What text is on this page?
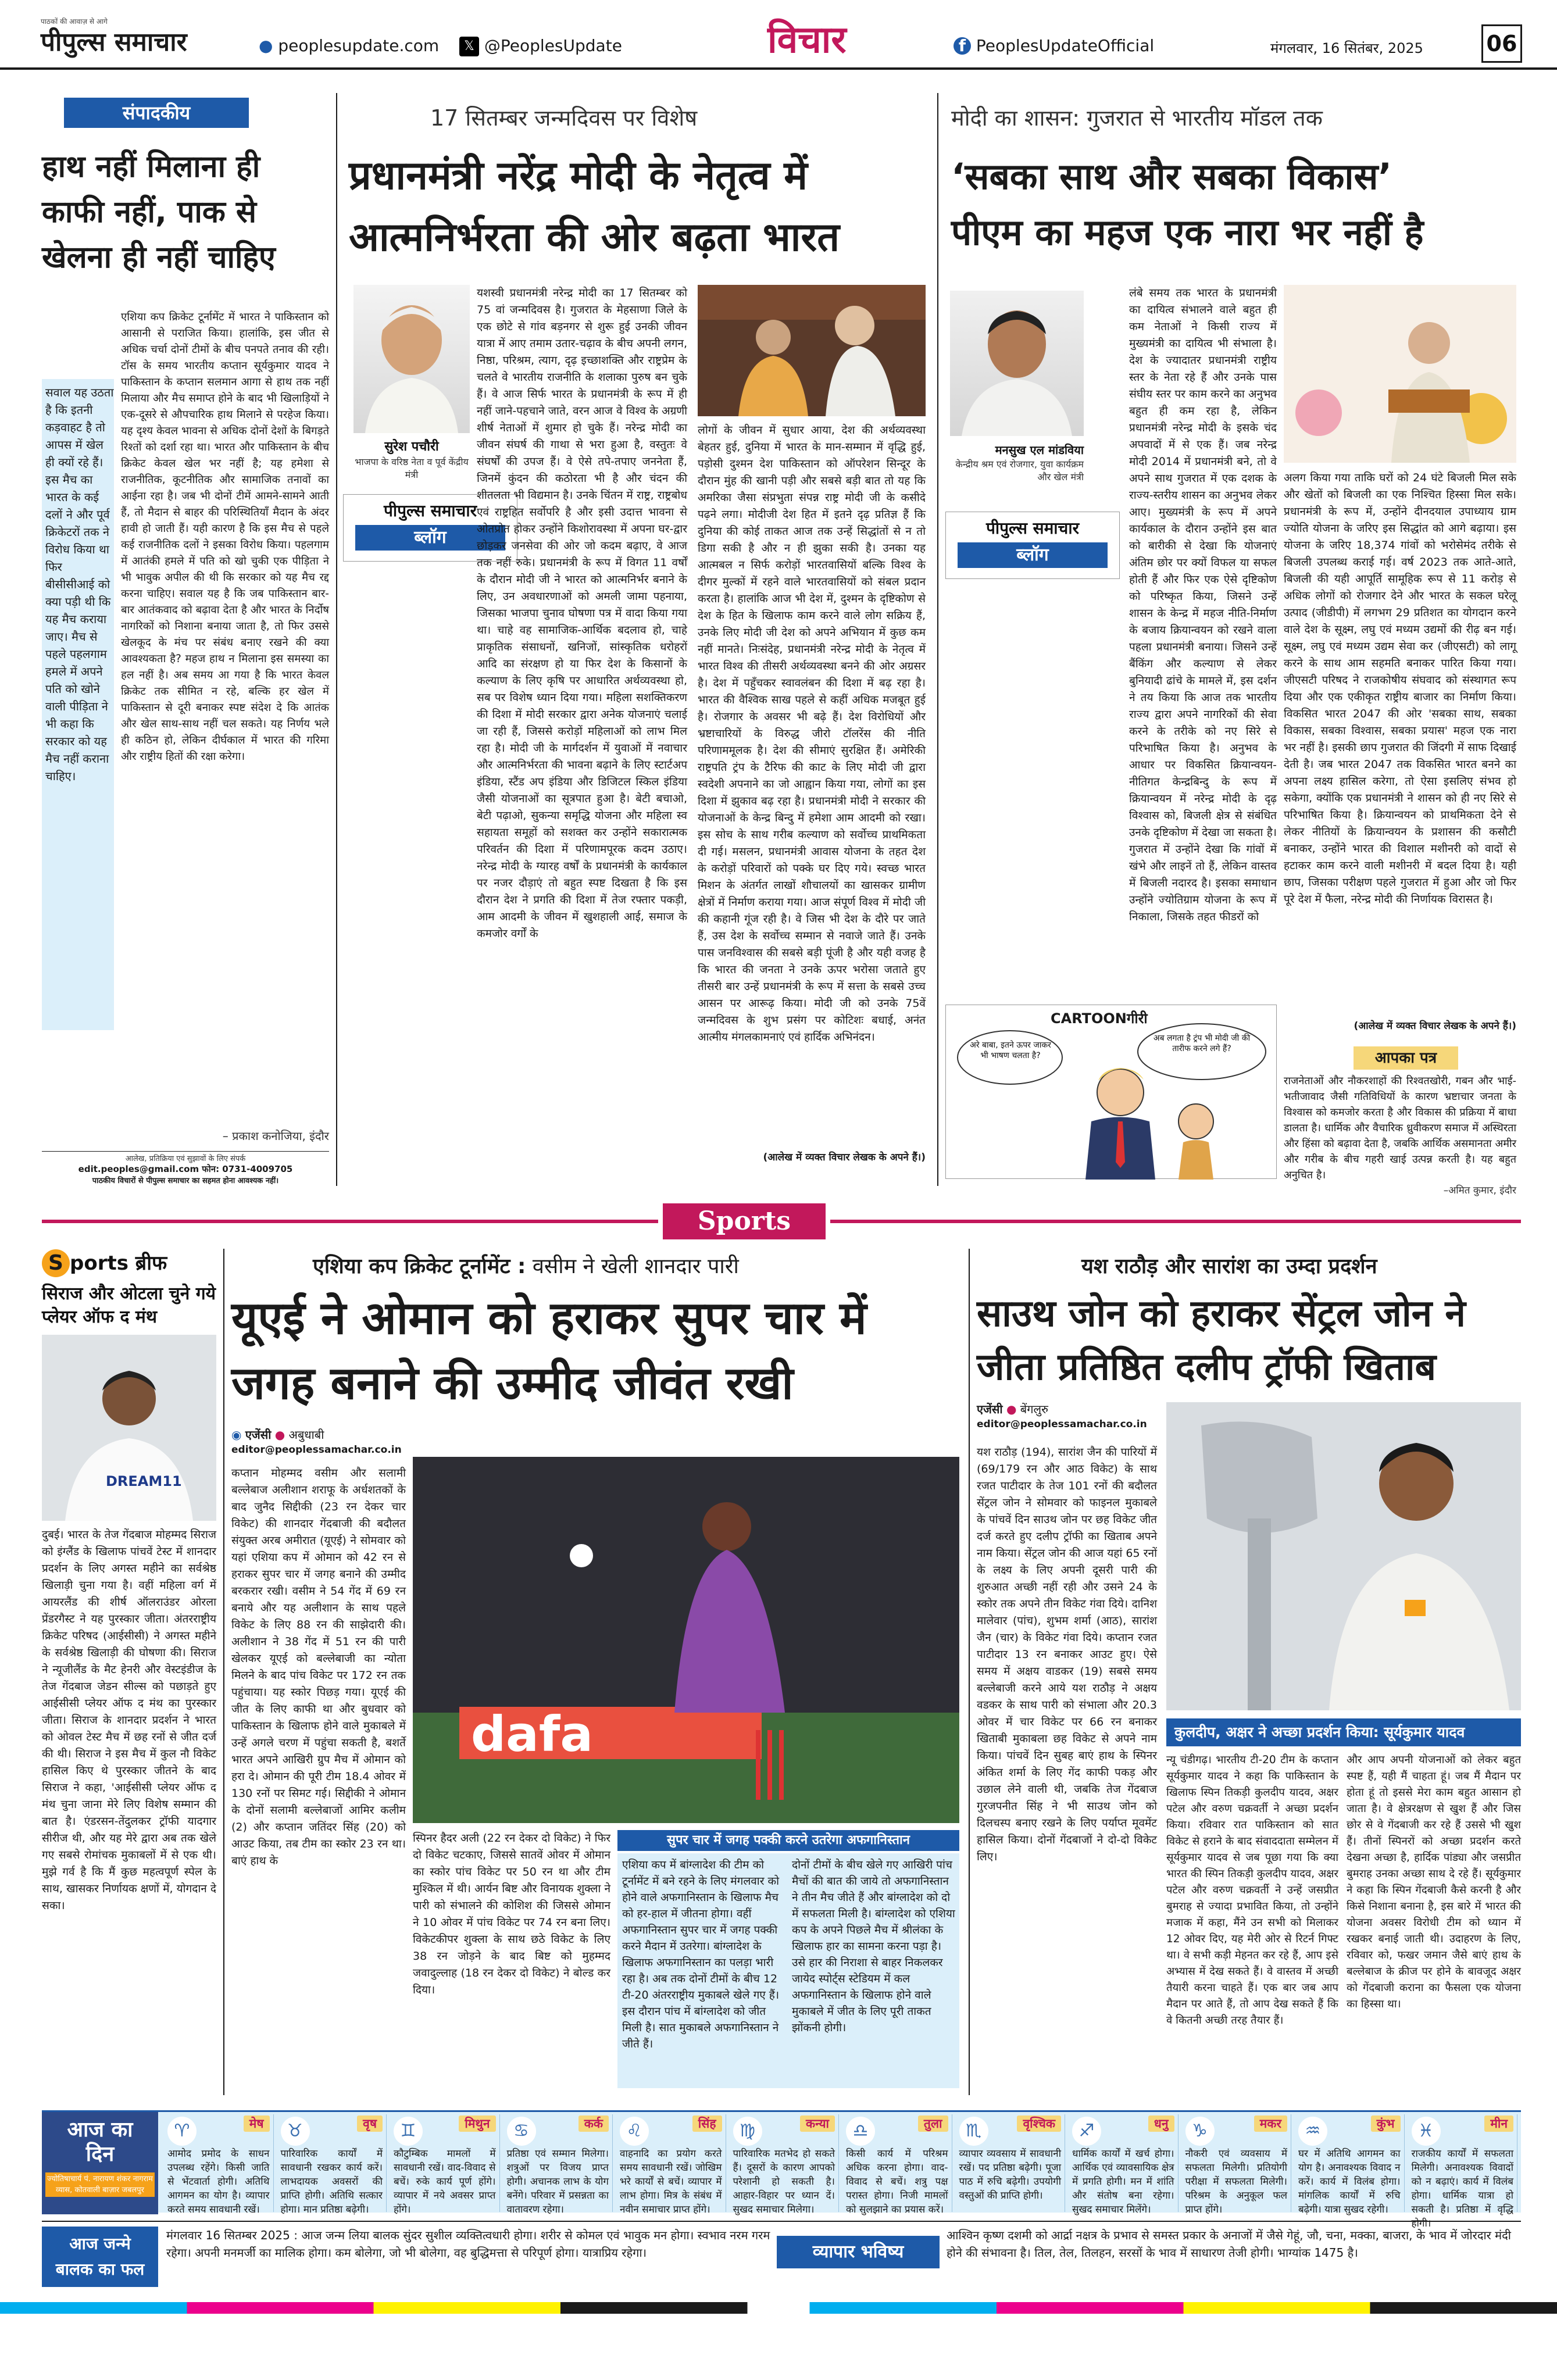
पीपुल्स समाचार
पाठकों की आवाज़ से आगे
● peoplesupdate.com	𝕏 @PeoplesUpdate	विचार	f PeoplesUpdateOfficial	मंगलवार, 16 सितंबर, 2025	06
संपादकीय
हाथ नहीं मिलाना ही काफी नहीं, पाक से खेलना ही नहीं चाहिए
एशिया कप क्रिकेट टूर्नामेंट में भारत ने पाकिस्तान को आसानी से पराजित किया। हालांकि, इस जीत से अधिक चर्चा दोनों टीमों के बीच पनपते तनाव की रही। टॉस के समय भारतीय कप्तान सूर्यकुमार यादव ने पाकिस्तान के कप्तान सलमान आगा से हाथ तक नहीं मिलाया और मैच समाप्त होने के बाद भी खिलाड़ियों ने एक-दूसरे से औपचारिक हाथ मिलाने से परहेज किया। यह दृश्य केवल भावना से अधिक दोनों देशों के बिगड़ते रिश्तों को दर्शा रहा था। भारत और पाकिस्तान के बीच क्रिकेट केवल खेल भर नहीं है; यह हमेशा से राजनीतिक, कूटनीतिक और सामाजिक तनावों का आईना रहा है। जब भी दोनों टीमें आमने-सामने आती हैं, तो मैदान से बाहर की परिस्थितियाँ मैदान के अंदर हावी हो जाती हैं। यही कारण है कि इस मैच से पहले कई राजनीतिक दलों ने इसका विरोध किया। पहलगाम में आतंकी हमले में पति को खो चुकी एक पीड़िता ने भी भावुक अपील की थी कि सरकार को यह मैच रद्द करना चाहिए। सवाल यह है कि जब पाकिस्तान बार-बार आतंकवाद को बढ़ावा देता है और भारत के निर्दोष नागरिकों को निशाना बनाया जाता है, तो फिर उससे खेलकूद के मंच पर संबंध बनाए रखने की क्या आवश्यकता है? महज हाथ न मिलाना इस समस्या का हल नहीं है। अब समय आ गया है कि भारत केवल क्रिकेट तक सीमित न रहे, बल्कि हर खेल में पाकिस्तान से दूरी बनाकर स्पष्ट संदेश दे कि आतंक और खेल साथ-साथ नहीं चल सकते। यह निर्णय भले ही कठिन हो, लेकिन दीर्घकाल में भारत की गरिमा और राष्ट्रीय हितों की रक्षा करेगा।
सवाल यह उठता है कि इतनी कड़वाहट है तो आपस में खेल ही क्यों रहे हैं। इस मैच का भारत के कई दलों ने और पूर्व क्रिकेटरों तक ने विरोध किया था फिर बीसीसीआई को क्या पड़ी थी कि यह मैच कराया जाए। मैच से पहले पहलगाम हमले में अपने पति को खोने वाली पीड़िता ने भी कहा कि सरकार को यह मैच नहीं कराना चाहिए।
– प्रकाश कनोजिया, इंदौर
आलेख, प्रतिक्रिया एवं सुझावों के लिए संपर्क
edit.peoples@gmail.com फोन: 0731-4009705
पाठकीय विचारों से पीपुल्स समाचार का सहमत होना आवश्यक नहीं।
17 सितम्बर जन्मदिवस पर विशेष
प्रधानमंत्री नरेंद्र मोदी के नेतृत्व में आत्मनिर्भरता की ओर बढ़ता भारत
सुरेश पचौरी
भाजपा के वरिष्ठ नेता व पूर्व केंद्रीय मंत्री
पीपुल्स समाचार
ब्लॉग
यशस्वी प्रधानमंत्री नरेन्द्र मोदी का 17 सितम्बर को 75 वां जन्मदिवस है। गुजरात के मेहसाणा जिले के एक छोटे से गांव बड़नगर से शुरू हुई उनकी जीवन यात्रा में आए तमाम उतार-चढ़ाव के बीच अपनी लगन, निष्ठा, परिश्रम, त्याग, दृढ़ इच्छाशक्ति और राष्ट्रप्रेम के चलते वे भारतीय राजनीति के शलाका पुरुष बन चुके हैं। वे आज सिर्फ भारत के प्रधानमंत्री के रूप में ही नहीं जाने-पहचाने जाते, वरन आज वे विश्व के अग्रणी शीर्ष नेताओं में शुमार हो चुके हैं। नरेन्द्र मोदी का जीवन संघर्ष की गाथा से भरा हुआ है, वस्तुतः वे संघर्षों की उपज हैं। वे ऐसे तपे-तपाए जननेता हैं, जिनमें कुंदन की कठोरता भी है और चंदन की शीतलता भी विद्यमान है। उनके चिंतन में राष्ट्र, राष्ट्रबोध एवं राष्ट्रहित सर्वोपरि है और इसी उदात्त भावना से ओतप्रोत होकर उन्होंने किशोरावस्था में अपना घर-द्वार छोड़कर जनसेवा की ओर जो कदम बढ़ाए, वे आज तक नहीं रुके। प्रधानमंत्री के रूप में विगत 11 वर्षों के दौरान मोदी जी ने भारत को आत्मनिर्भर बनाने के लिए, उन अवधारणाओं को अमली जामा पहनाया, जिसका भाजपा चुनाव घोषणा पत्र में वादा किया गया था। चाहे वह सामाजिक-आर्थिक बदलाव हो, चाहे प्राकृतिक संसाधनों, खनिजों, सांस्कृतिक धरोहरों आदि का संरक्षण हो या फिर देश के किसानों के कल्याण के लिए कृषि पर आधारित अर्थव्यवस्था हो, सब पर विशेष ध्यान दिया गया। महिला सशक्तिकरण की दिशा में मोदी सरकार द्वारा अनेक योजनाएं चलाई जा रही हैं, जिससे करोड़ों महिलाओं को लाभ मिल रहा है। मोदी जी के मार्गदर्शन में युवाओं में नवाचार और आत्मनिर्भरता की भावना बढ़ाने के लिए स्टार्टअप इंडिया, स्टैंड अप इंडिया और डिजिटल स्किल इंडिया जैसी योजनाओं का सूत्रपात हुआ है। बेटी बचाओ, बेटी पढ़ाओ, सुकन्या समृद्धि योजना और महिला स्व सहायता समूहों को सशक्त कर उन्होंने सकारात्मक परिवर्तन की दिशा में परिणामपूरक कदम उठाए। नरेन्द्र मोदी के ग्यारह वर्षों के प्रधानमंत्री के कार्यकाल पर नजर दौड़ाएं तो बहुत स्पष्ट दिखता है कि इस दौरान देश ने प्रगति की दिशा में तेज रफ्तार पकड़ी, आम आदमी के जीवन में खुशहाली आई, समाज के कमजोर वर्गों के
लोगों के जीवन में सुधार आया, देश की अर्थव्यवस्था बेहतर हुई, दुनिया में भारत के मान-सम्मान में वृद्धि हुई, पड़ोसी दुश्मन देश पाकिस्तान को ऑपरेशन सिन्दूर के दौरान मुंह की खानी पड़ी और सबसे बड़ी बात तो यह कि अमरिका जैसा संप्रभुता संपन्न राष्ट्र मोदी जी के कसीदे पढ़ने लगा। मोदीजी देश हित में इतने दृढ़ प्रतिज्ञ हैं कि दुनिया की कोई ताकत आज तक उन्हें सिद्धांतों से न तो डिगा सकी है और न ही झुका सकी है। उनका यह आत्मबल न सिर्फ करोड़ों भारतवासियों बल्कि विश्व के दीगर मुल्कों में रहने वाले भारतवासियों को संबल प्रदान करता है। हालांकि आज भी देश में, दुश्मन के दृष्टिकोण से देश के हित के खिलाफ काम करने वाले लोग सक्रिय हैं, उनके लिए मोदी जी देश को अपने अभियान में कुछ कम नहीं मानते। निःसंदेह, प्रधानमंत्री नरेन्द्र मोदी के नेतृत्व में भारत विश्व की तीसरी अर्थव्यवस्था बनने की ओर अग्रसर है। देश में पहुँचकर स्वावलंबन की दिशा में बढ़ रहा है। भारत की वैश्विक साख पहले से कहीं अधिक मजबूत हुई है। रोजगार के अवसर भी बढ़े हैं। देश विरोधियों और भ्रष्टाचारियों के विरुद्ध जीरो टॉलरेंस की नीति परिणाममूलक है। देश की सीमाएं सुरक्षित हैं। अमेरिकी राष्ट्रपति ट्रंप के टैरिफ की काट के लिए मोदी जी द्वारा स्वदेशी अपनाने का जो आह्वान किया गया, लोगों का इस दिशा में झुकाव बढ़ रहा है। प्रधानमंत्री मोदी ने सरकार की योजनाओं के केन्द्र बिन्दु में हमेशा आम आदमी को रखा। इस सोच के साथ गरीब कल्याण को सर्वोच्च प्राथमिकता दी गई। मसलन, प्रधानमंत्री आवास योजना के तहत देश के करोड़ों परिवारों को पक्के घर दिए गये। स्वच्छ भारत मिशन के अंतर्गत लाखों शौचालयों का खासकर ग्रामीण क्षेत्रों में निर्माण कराया गया। आज संपूर्ण विश्व में मोदी जी की कहानी गूंज रही है। वे जिस भी देश के दौरे पर जाते हैं, उस देश के सर्वोच्च सम्मान से नवाजे जाते हैं। उनके पास जनविश्वास की सबसे बड़ी पूंजी है और यही वजह है कि भारत की जनता ने उनके ऊपर भरोसा जताते हुए तीसरी बार उन्हें प्रधानमंत्री के रूप में सत्ता के सबसे उच्च आसन पर आरूढ़ किया। मोदी जी को उनके 75वें जन्मदिवस के शुभ प्रसंग पर कोटिशः बधाई, अनंत आत्मीय मंगलकामनाएं एवं हार्दिक अभिनंदन।
(आलेख में व्यक्त विचार लेखक के अपने हैं।)
मोदी का शासन: गुजरात से भारतीय मॉडल तक
‘सबका साथ और सबका विकास’
पीएम का महज एक नारा भर नहीं है
मनसुख एल मांडविया
केन्द्रीय श्रम एवं रोजगार, युवा कार्यक्रम और खेल मंत्री
पीपुल्स समाचार
ब्लॉग
लंबे समय तक भारत के प्रधानमंत्री का दायित्व संभालने वाले बहुत ही कम नेताओं ने किसी राज्य में मुख्यमंत्री का दायित्व भी संभाला है। देश के ज्यादातर प्रधानमंत्री राष्ट्रीय स्तर के नेता रहे हैं और उनके पास संघीय स्तर पर काम करने का अनुभव बहुत ही कम रहा है, लेकिन प्रधानमंत्री नरेन्द्र मोदी के इसके चंद अपवादों में से एक हैं। जब नरेन्द्र मोदी 2014 में प्रधानमंत्री बने, तो वे अपने साथ गुजरात में एक दशक के राज्य-स्तरीय शासन का अनुभव लेकर आए। मुख्यमंत्री के रूप में अपने कार्यकाल के दौरान उन्होंने इस बात को बारीकी से देखा कि योजनाएं अंतिम छोर पर क्यों विफल या सफल होती हैं और फिर एक ऐसे दृष्टिकोण को परिष्कृत किया, जिसने उन्हें शासन के केन्द्र में महज नीति-निर्माण के बजाय क्रियान्वयन को रखने वाला पहला प्रधानमंत्री बनाया। जिसने उन्हें बैंकिंग और कल्याण से लेकर बुनियादी ढांचे के मामले में, इस दर्शन ने तय किया कि आज तक भारतीय राज्य द्वारा अपने नागरिकों की सेवा करने के तरीके को नए सिरे से परिभाषित किया है। अनुभव के आधार पर विकसित क्रियान्वयन-नीतिगत केन्द्रबिन्दु के रूप में क्रियान्वयन में नरेन्द्र मोदी के दृढ़ विश्वास को, बिजली क्षेत्र से संबंधित उनके दृष्टिकोण में देखा जा सकता है। गुजरात में उन्होंने देखा कि गांवों में खंभे और लाइनें तो हैं, लेकिन वास्तव में बिजली नदारद है। इसका समाधान उन्होंने ज्योतिग्राम योजना के रूप में निकाला, जिसके तहत फीडरों को
अलग किया गया ताकि घरों को 24 घंटे बिजली मिल सके और खेतों को बिजली का एक निश्चित हिस्सा मिल सके। प्रधानमंत्री के रूप में, उन्होंने दीनदयाल उपाध्याय ग्राम ज्योति योजना के जरिए इस सिद्धांत को आगे बढ़ाया। इस योजना के जरिए 18,374 गांवों को भरोसेमंद तरीके से बिजली उपलब्ध कराई गई। वर्ष 2023 तक आते-आते, बिजली की यही आपूर्ति सामूहिक रूप से 11 करोड़ से अधिक लोगों को रोजगार देने और भारत के सकल घरेलू उत्पाद (जीडीपी) में लगभग 29 प्रतिशत का योगदान करने वाले देश के सूक्ष्म, लघु एवं मध्यम उद्यमों की रीढ़ बन गई। सूक्ष्म, लघु एवं मध्यम उद्यम सेवा कर (जीएसटी) को लागू करने के साथ आम सहमति बनाकर पारित किया गया। जीएसटी परिषद ने राजकोषीय संघवाद को संस्थागत रूप दिया और एक एकीकृत राष्ट्रीय बाजार का निर्माण किया। विकसित भारत 2047 की ओर 'सबका साथ, सबका विकास, सबका विश्वास, सबका प्रयास' महज एक नारा भर नहीं है। इसकी छाप गुजरात की जिंदगी में साफ दिखाई देती है। जब भारत 2047 तक विकसित भारत बनने का अपना लक्ष्य हासिल करेगा, तो ऐसा इसलिए संभव हो सकेगा, क्योंकि एक प्रधानमंत्री ने शासन को ही नए सिरे से परिभाषित किया है। क्रियान्वयन को प्राथमिकता देने से लेकर नीतियों के क्रियान्वयन के प्रशासन की कसौटी बनाकर, उन्होंने भारत की विशाल मशीनरी को वादों से हटाकर काम करने वाली मशीनरी में बदल दिया है। यही छाप, जिसका परीक्षण पहले गुजरात में हुआ और जो फिर पूरे देश में फैला, नरेन्द्र मोदी की निर्णायक विरासत है।
(आलेख में व्यक्त विचार लेखक के अपने हैं।)
CARTOONगीरी
अरे बाबा, इतने ऊपर जाकर भी भाषण चलता है?
अब लगता है ट्रंप भी मोदी जी की तारीफ करने लगे हैं?
आपका पत्र
राजनेताओं और नौकरशाहों की रिश्वतखोरी, गबन और भाई-भतीजावाद जैसी गतिविधियों के कारण भ्रष्टाचार जनता के विश्वास को कमजोर करता है और विकास की प्रक्रिया में बाधा डालता है। धार्मिक और वैचारिक ध्रुवीकरण समाज में अस्थिरता और हिंसा को बढ़ावा देता है, जबकि आर्थिक असमानता अमीर और गरीब के बीच गहरी खाई उत्पन्न करती है। यह बहुत अनुचित है।
–अमित कुमार, इंदौर
Sports
S ports ब्रीफ
सिराज और ओटला चुने गये प्लेयर ऑफ द मंथ
DREAM11
दुबई। भारत के तेज गेंदबाज मोहम्मद सिराज को इंग्लैंड के खिलाफ पांचवें टेस्ट में शानदार प्रदर्शन के लिए अगस्त महीने का सर्वश्रेष्ठ खिलाड़ी चुना गया है। वहीं महिला वर्ग में आयरलैंड की शीर्ष ऑलराउंडर ओरला प्रेंडरगैस्ट ने यह पुरस्कार जीता। अंतरराष्ट्रीय क्रिकेट परिषद (आईसीसी) ने अगस्त महीने के सर्वश्रेष्ठ खिलाड़ी की घोषणा की। सिराज ने न्यूजीलैंड के मैट हेनरी और वेस्टइंडीज के तेज गेंदबाज जेडन सील्स को पछाड़ते हुए आईसीसी प्लेयर ऑफ द मंथ का पुरस्कार जीता। सिराज के शानदार प्रदर्शन ने भारत को ओवल टेस्ट मैच में छह रनों से जीत दर्ज की थी। सिराज ने इस मैच में कुल नौ विकेट हासिल किए थे पुरस्कार जीतने के बाद सिराज ने कहा, 'आईसीसी प्लेयर ऑफ द मंथ चुना जाना मेरे लिए विशेष सम्मान की बात है। एंडरसन-तेंदुलकर ट्रॉफी यादगार सीरीज थी, और यह मेरे द्वारा अब तक खेले गए सबसे रोमांचक मुकाबलों में से एक थी। मुझे गर्व है कि मैं कुछ महत्वपूर्ण स्पेल के साथ, खासकर निर्णायक क्षणों में, योगदान दे सका।
एशिया कप क्रिकेट टूर्नामेंट : वसीम ने खेली शानदार पारी
यूएई ने ओमान को हराकर सुपर चार में जगह बनाने की उम्मीद जीवंत रखी
◉ एजेंसी ● अबुधाबी
editor@peoplessamachar.co.in
कप्तान मोहम्मद वसीम और सलामी बल्लेबाज अलीशान शराफू के अर्धशतकों के बाद जुनैद सिद्दीकी (23 रन देकर चार विकेट) की शानदार गेंदबाजी की बदौलत संयुक्त अरब अमीरात (यूएई) ने सोमवार को यहां एशिया कप में ओमान को 42 रन से हराकर सुपर चार में जगह बनाने की उम्मीद बरकरार रखी। वसीम ने 54 गेंद में 69 रन बनाये और यह अलीशान के साथ पहले विकेट के लिए 88 रन की साझेदारी की। अलीशान ने 38 गेंद में 51 रन की पारी खेलकर यूएई को बल्लेबाजी का न्योता मिलने के बाद पांच विकेट पर 172 रन तक पहुंचाया। यह स्कोर पिछड़ गया। यूएई की जीत के लिए काफी था और बुधवार को पाकिस्तान के खिलाफ होने वाले मुकाबले में उन्हें अगले चरण में पहुंचा सकती है, बशर्ते भारत अपने आखिरी ग्रुप मैच में ओमान को हरा दे। ओमान की पूरी टीम 18.4 ओवर में 130 रनों पर सिमट गई। सिद्दीकी ने ओमान के दोनों सलामी बल्लेबाजों आमिर कलीम (2) और कप्तान जतिंदर सिंह (20) को आउट किया, तब टीम का स्कोर 23 रन था। बाएं हाथ के
dafa
स्पिनर हैदर अली (22 रन देकर दो विकेट) ने फिर दो विकेट चटकाए, जिससे सातवें ओवर में ओमान का स्कोर पांच विकेट पर 50 रन था और टीम मुश्किल में थी। आर्यन बिष्ट और विनायक शुक्ला ने पारी को संभालने की कोशिश की जिससे ओमान ने 10 ओवर में पांच विकेट पर 74 रन बना लिए। विकेटकीपर शुक्ला के साथ छठे विकेट के लिए 38 रन जोड़ने के बाद बिष्ट को मुहम्मद जवादुल्लाह (18 रन देकर दो विकेट) ने बोल्ड कर दिया।
सुपर चार में जगह पक्की करने उतरेगा अफगानिस्तान
एशिया कप में बांग्लादेश की टीम को टूर्नामेंट में बने रहने के लिए मंगलवार को होने वाले अफगानिस्तान के खिलाफ मैच को हर-हाल में जीतना होगा। वहीं अफगानिस्तान सुपर चार में जगह पक्की करने मैदान में उतरेगा। बांग्लादेश के खिलाफ अफगानिस्तान का पलड़ा भारी रहा है। अब तक दोनों टीमों के बीच 12 टी-20 अंतरराष्ट्रीय मुकाबले खेले गए हैं। इस दौरान पांच में बांग्लादेश को जीत मिली है। सात मुकाबले अफगानिस्तान ने जीते हैं।
दोनों टीमों के बीच खेले गए आखिरी पांच मैचों की बात की जाये तो अफगानिस्तान ने तीन मैच जीते हैं और बांग्लादेश को दो में सफलता मिली है। बांग्लादेश को एशिया कप के अपने पिछले मैच में श्रीलंका के खिलाफ हार का सामना करना पड़ा है। उसे हार की निराशा से बाहर निकलकर जायेद स्पोर्ट्स स्टेडियम में कल अफगानिस्तान के खिलाफ होने वाले मुकाबले में जीत के लिए पूरी ताकत झोंकनी होगी।
यश राठौड़ और सारांश का उम्दा प्रदर्शन
साउथ जोन को हराकर सेंट्रल जोन ने जीता प्रतिष्ठित दलीप ट्रॉफी खिताब
एजेंसी ● बेंगलुरु
editor@peoplessamachar.co.in
यश राठौड़ (194), सारांश जैन की पारियों में (69/179 रन और आठ विकेट) के साथ रजत पाटीदार के तेज 101 रनों की बदौलत सेंट्रल जोन ने सोमवार को फाइनल मुकाबले के पांचवें दिन साउथ जोन पर छह विकेट जीत दर्ज करते हुए दलीप ट्रॉफी का खिताब अपने नाम किया। सेंट्रल जोन की आज यहां 65 रनों के लक्ष्य के लिए अपनी दूसरी पारी की शुरुआत अच्छी नहीं रही और उसने 24 के स्कोर तक अपने तीन विकेट गंवा दिये। दानिश मालेवार (पांच), शुभम शर्मा (आठ), सारांश जैन (चार) के विकेट गंवा दिये। कप्तान रजत पाटीदार 13 रन बनाकर आउट हुए। ऐसे समय में अक्षय वाडकर (19) सबसे समय बल्लेबाजी करने आये यश राठौड़ ने अक्षय वडकर के साथ पारी को संभाला और 20.3 ओवर में चार विकेट पर 66 रन बनाकर खिताबी मुकाबला छह विकेट से अपने नाम किया। पांचवें दिन सुबह बाएं हाथ के स्पिनर अंकित शर्मा के लिए गेंद काफी पकड़ और उछाल लेने वाली थी, जबकि तेज गेंदबाज गुरजपनीत सिंह ने भी साउथ जोन को दिलचस्प बनाए रखने के लिए पर्याप्त मूवमेंट हासिल किया। दोनों गेंदबाजों ने दो-दो विकेट लिए।
कुलदीप, अक्षर ने अच्छा प्रदर्शन किया: सूर्यकुमार यादव
न्यू चंडीगढ़। भारतीय टी-20 टीम के कप्तान सूर्यकुमार यादव ने कहा कि पाकिस्तान के खिलाफ स्पिन तिकड़ी कुलदीप यादव, अक्षर पटेल और वरुण चक्रवर्ती ने अच्छा प्रदर्शन किया। रविवार रात पाकिस्तान को सात विकेट से हराने के बाद संवाददाता सम्मेलन में सूर्यकुमार यादव से जब पूछा गया कि क्या भारत की स्पिन तिकड़ी कुलदीप यादव, अक्षर पटेल और वरुण चक्रवर्ती ने उन्हें जसप्रीत बुमराह से ज्यादा प्रभावित किया, तो उन्होंने मजाक में कहा, मैंने उन सभी को मिलाकर 12 ओवर दिए, यह मेरी ओर से रिटर्न गिफ्ट था। वे सभी कड़ी मेहनत कर रहे हैं, आप इसे अभ्यास में देख सकते हैं। वे वास्तव में अच्छी तैयारी करना चाहते हैं। एक बार जब आप मैदान पर आते हैं, तो आप देख सकते हैं कि वे कितनी अच्छी तरह तैयार हैं।
और आप अपनी योजनाओं को लेकर बहुत स्पष्ट हैं, यही मैं चाहता हूं। जब मैं मैदान पर होता हूं तो इससे मेरा काम बहुत आसान हो जाता है। वे क्षेत्ररक्षण से खुश हैं और जिस छोर से वे गेंदबाजी कर रहे हैं उससे भी खुश हैं। तीनों स्पिनरों को अच्छा प्रदर्शन करते देखना अच्छा है, हार्दिक पांड्या और जसप्रीत बुमराह उनका अच्छा साथ दे रहे हैं। सूर्यकुमार ने कहा कि स्पिन गेंदबाजी कैसे करनी है और किसे निशाना बनाना है, इस बारे में भारत की योजना अवसर विरोधी टीम को ध्यान में रखकर बनाई जाती थी। उदाहरण के लिए, रविवार को, फखर जमान जैसे बाएं हाथ के बल्लेबाज के क्रीज पर होने के बावजूद अक्षर को गेंदबाजी कराना का फैसला एक योजना का हिस्सा था।
आज का
दिन
ज्योतिषाचार्य पं. नारायण शंकर नागराम व्यास, कोतवाली बाज़ार जबलपुर
♈	मेष
आमोद प्रमोद के साधन उपलब्ध रहेंगे। किसी जाति से भेंटवार्ता होगी। अतिथि आगमन का योग है। व्यापार करते समय सावधानी रखें।
♉	वृष
पारिवारिक कार्यों में सावधानी रखकर कार्य करें। लाभदायक अवसरों की प्राप्ति होगी। अतिथि सत्कार होगा। मान प्रतिष्ठा बढ़ेगी।
♊	मिथुन
कौटुम्बिक मामलों में सावधानी रखें। वाद-विवाद से बचें। रुके कार्य पूर्ण होंगे। व्यापार में नये अवसर प्राप्त होंगे।
♋	कर्क
प्रतिष्ठा एवं सम्मान मिलेगा। शत्रुओं पर विजय प्राप्त होगी। अचानक लाभ के योग बनेंगे। परिवार में प्रसन्नता का वातावरण रहेगा।
♌	सिंह
वाहनादि का प्रयोग करते समय सावधानी रखें। जोखिम भरे कार्यों से बचें। व्यापार में लाभ होगा। मित्र के संबंध में नवीन समाचार प्राप्त होंगे।
♍	कन्या
पारिवारिक मतभेद हो सकते हैं। दूसरों के कारण आपको परेशानी हो सकती है। आहार-विहार पर ध्यान दें। सुखद समाचार मिलेगा।
♎	तुला
किसी कार्य में परिश्रम अधिक करना होगा। वाद-विवाद से बचें। शत्रु पक्ष परास्त होगा। निजी मामलों को सुलझाने का प्रयास करें।
♏	वृश्चिक
व्यापार व्यवसाय में सावधानी रखें। पद प्रतिष्ठा बढ़ेगी। पूजा पाठ में रुचि बढ़ेगी। उपयोगी वस्तुओं की प्राप्ति होगी।
♐	धनु
धार्मिक कार्यों में खर्च होगा। आर्थिक एवं व्यावसायिक क्षेत्र में प्रगति होगी। मन में शांति और संतोष बना रहेगा। सुखद समाचार मिलेंगे।
♑	मकर
नौकरी एवं व्यवसाय में सफलता मिलेगी। प्रतियोगी परीक्षा में सफलता मिलेगी। परिश्रम के अनुकूल फल प्राप्त होंगे।
♒	कुंभ
घर में अतिथि आगमन का योग है। अनावश्यक विवाद न करें। कार्य में विलंब होगा। मांगलिक कार्यों में रुचि बढ़ेगी। यात्रा सुखद रहेगी।
♓	मीन
राजकीय कार्यों में सफलता मिलेगी। अनावश्यक विवादों को न बढ़ाएं। कार्य में विलंब होगा। धार्मिक यात्रा हो सकती है। प्रतिष्ठा में वृद्धि होगी।
आज जन्मे
बालक का फल
मंगलवार 16 सितम्बर 2025 : आज जन्म लिया बालक सुंदर सुशील व्यक्तित्वधारी होगा। शरीर से कोमल एवं भावुक मन होगा। स्वभाव नरम गरम रहेगा। अपनी मनमर्जी का मालिक होगा। कम बोलेगा, जो भी बोलेगा, वह बुद्धिमत्ता से परिपूर्ण होगा। यात्राप्रिय रहेगा।	व्यापार भविष्य
आश्विन कृष्ण दशमी को आर्द्रा नक्षत्र के प्रभाव से समस्त प्रकार के अनाजों में जैसे गेहूं, जौ, चना, मक्का, बाजरा, के भाव में जोरदार मंदी होने की संभावना है। तिल, तेल, तिलहन, सरसों के भाव में साधारण तेजी होगी। भाग्यांक 1475 है।
